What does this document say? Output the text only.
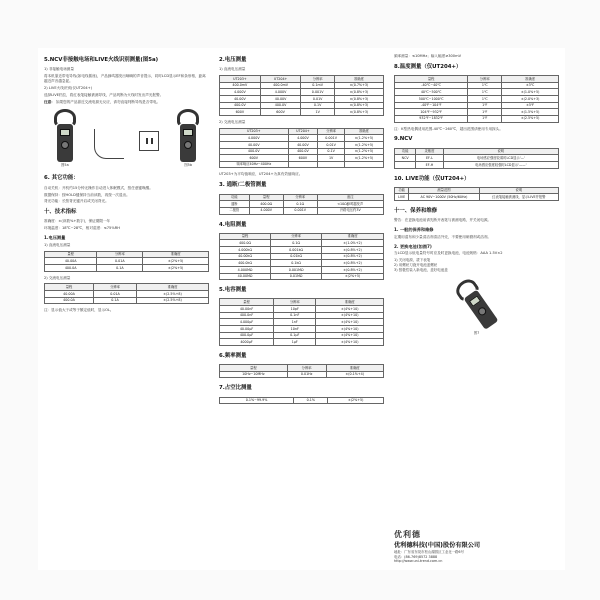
5.NCV非接触电场和LIVE火线识别测量(图5a)

1) 非接触电场测量

将本机靠近带电导线(如电线插座)，产品蜂鸣器发出嘀嘀的声音提示，同时LCD显示EF和条形格，距离越近声音越急促。

2) LIVE火线识别(仅UT204+)

选择LIVE档位，将红表笔接触被测导线，产品判断为火线时发出声光报警。

注意： 如果您的产品靠近交流电源无反应，请勿直接判断导线是否带电。
图5a	图5b
6. 其它功能：

自动关机：开机约15分钟无操作自动进入休眠模式，按任意键唤醒。

数据保持：按HOLD键保持当前读数，再按一次退出。

背光功能：长按背光键开启或关闭背光。

十、技术指标

准确度：±(读数%+数字)，保证期限一年

环境温度：18℃~28℃，相对湿度：≤75%RH

1.电压测量

1) 直流电压测量

量程	分辨率	准确度
40.00A	0.01A	±(2%+5)
400.0A	0.1A	±(2%+5)

2) 交流电压测量

量程	分辨率	准确度
40.00A	0.01A	±(2.5%+8)
400.0A	0.1A	±(2.5%+8)

注：显示值大于或等于额定值时，显示OL。

2.电压测量

1) 直流电压测量

UT203+	UT204+	分辨率	准确度
400.0mV	400.0mV	0.1mV	±(0.7%+3)
4.000V	4.000V	0.001V	±(0.8%+3)
40.00V	40.00V	0.01V	±(0.8%+3)
400.0V	400.0V	0.1V	±(0.8%+3)
600V	600V	1V	±(0.8%+3)

2) 交流电压测量

UT203+	UT204+	分辨率	准确度
4.000V	4.000V	0.001V	±(1.2%+5)
40.00V	40.00V	0.01V	±(1.2%+5)
400.0V	400.0V	0.1V	±(1.2%+5)
600V	600V	1V	±(1.2%+5)
频率响应40Hz~400Hz			

UT203+为平均值响应，UT204+为真有效值响应。

3. 通断/二极管测量
功能	量程	分辨率	备注
通断	400.0Ω	0.1Ω	<10Ω蜂鸣器发声
二极管	4.000V	0.001V	开路电压约3V
4.电阻测量
量程	分辨率	准确度
400.0Ω	0.1Ω	±(1.0%+2)
4.000kΩ	0.001kΩ	±(0.8%+2)
40.00kΩ	0.01kΩ	±(0.8%+2)
400.0kΩ	0.1kΩ	±(0.8%+2)
4.000MΩ	0.001MΩ	±(0.8%+2)
40.00MΩ	0.01MΩ	±(2%+5)
5.电容测量
量程	分辨率	准确度
40.00nF	10pF	±(4%+10)
400.0nF	0.1nF	±(4%+10)
4.000μF	1nF	±(4%+10)
40.00μF	10nF	±(4%+10)
400.0μF	0.1μF	±(4%+10)
4000μF	1μF	±(4%+10)
6.频率测量
量程	分辨率	准确度
10Hz~10MHz	0.01Hz	±(0.1%+4)
7.占空比测量
0.1%~99.9%	0.1%	±(2%+5)

频率测量：≤10MHz；输入幅度≥300mV

8.温度测量（仅UT204+）
量程	分辨率	准确度
-40℃~40℃	1℃	±3℃
40℃~500℃	1℃	±(1.0%+5)
500℃~1000℃	1℃	±(2.0%+3)
-40℉~104℉	1℉	±5℉
104℉~932℉	1℉	±(1.5%+5)
932℉~1832℉	1℉	±(2.5%+5)

注：K型热电偶适用范围-40℃~260℃，超出范围请使用专用探头。

9.NCV
功能	灵敏度	说明
NCV	EF-L	电场感应强度较弱时LCD显示'—'
	EF-H	电场感应强度较强时LCD显示'——'
10. LIVE功能（仅UT204+）
功能	测量范围	说明
LIVE	AC 90V~1000V (50Hz/60Hz)	红表笔接触被测线，显示LIVE并报警
十一、保养和维修

警告：在更换电池前请先断开表笔与被测电路，并关闭电源。

1. 一般的保养和维修

定期用湿布和少量清洁剂清洁外壳，不要使用研磨剂或溶剂。

2. 更换电池(如图7)

当LCD显示低电量符号时应及时更换电池，电池规格：AAA 1.5V×2

1) 关闭电源，拔下表笔
2) 用螺丝刀旋开电池盖螺丝
3) 按极性装入新电池，盖好电池盖
图7
优利德
优利德科技(中国)股份有限公司
地址：广东省东莞市松山湖园区工业北一路6号
电话：(86-769)8572 3888
http://www.uni-trend.com.cn
